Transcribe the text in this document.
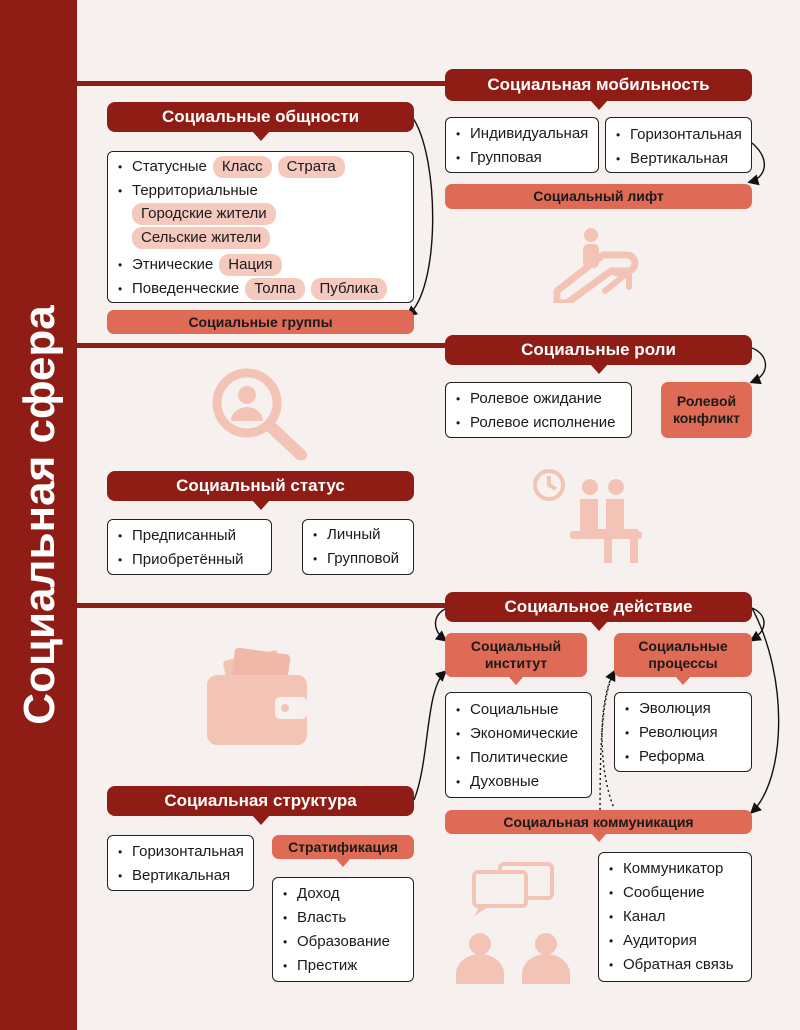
Социальная сфера
Социальная мобильность
• Индивидуальная
• Групповая
• Горизонтальная
• Вертикальная
Социальный лифт
Социальные общности
• Статусные Класс Страта
• Территориальные
Городские жители
Сельские жители
• Этнические Нация
• Поведенческие Толпа Публика
Социальные группы
Социальные роли
• Ролевое ожидание
• Ролевое исполнение
Ролевой конфликт
Социальный статус
• Предписанный
• Приобретённый
• Личный
• Групповой
Социальное действие
Социальный институт
Социальные процессы
• Социальные
• Экономические
• Политические
• Духовные
• Эволюция
• Революция
• Реформа
Социальная коммуникация
• Коммуникатор
• Сообщение
• Канал
• Аудитория
• Обратная связь
Социальная структура
• Горизонтальная
• Вертикальная
Стратификация
• Доход
• Власть
• Образование
• Престиж
